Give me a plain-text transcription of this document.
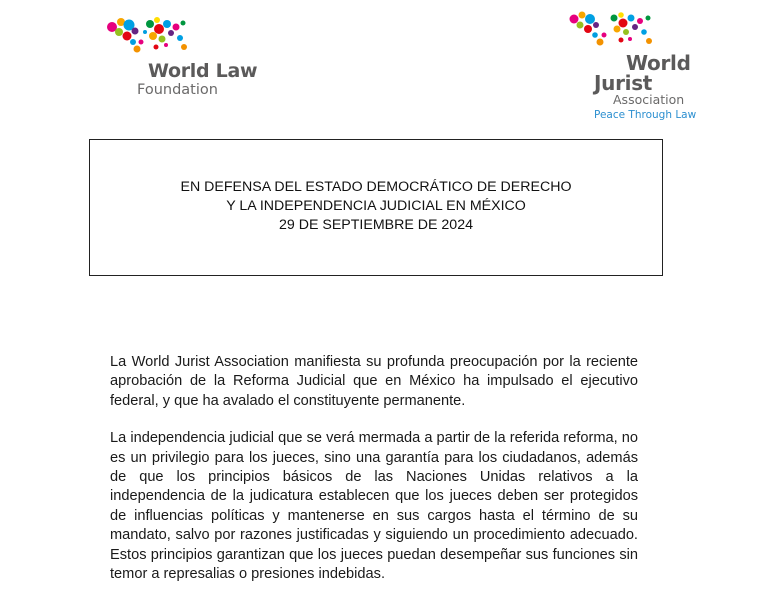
World Law
Foundation
World
Jurist
Association
Peace Through Law
EN DEFENSA DEL ESTADO DEMOCRÁTICO DE DERECHO
Y LA INDEPENDENCIA JUDICIAL EN MÉXICO
29 DE SEPTIEMBRE DE 2024

La World Jurist Association manifiesta su profunda preocupación por la reciente aprobación de la Reforma Judicial que en México ha impulsado el ejecutivo federal, y que ha avalado el constituyente permanente.

La independencia judicial que se verá mermada a partir de la referida reforma, no es un privilegio para los jueces, sino una garantía para los ciudadanos, además de que los principios básicos de las Naciones Unidas relativos a la independencia de la judicatura establecen que los jueces deben ser protegidos de influencias políticas y mantenerse en sus cargos hasta el término de su mandato, salvo por razones justificadas y siguiendo un procedimiento adecuado. Estos principios garantizan que los jueces puedan desempeñar sus funciones sin temor a represalias o presiones indebidas.
